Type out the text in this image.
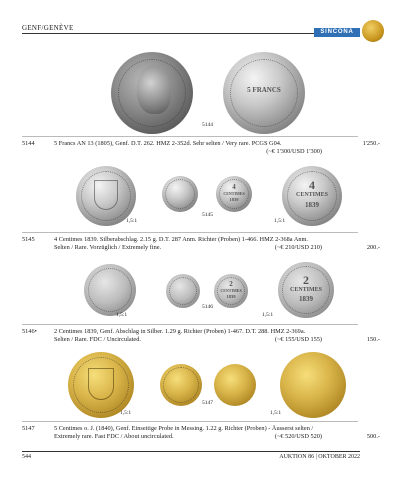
GENF/GENÈVE	SINCONA
5 FRANCS
5144
5144	5 Francs AN 13 (1805), Genf. D.T. 262. HMZ 2-352d. Sehr selten / Very rare. PCGS G04.
(~€ 1'300/USD 1'300)
1'250.-
4
CENTIMES
1839
4
CENTIMES
1839
1,5:1
5145
1,5:1
5145	4 Centimes 1839. Silberabschlag. 2.15 g. D.T. 287 Anm. Richter (Proben) 1-466. HMZ 2-368a Anm. Selten / Rare. Vorzüglich / Extremely fine.	(~€ 210/USD 210)	200.-
2
CENTIMES
1839
2
CENTIMES
1839
1,5:1
5146
1,5:1
5146•	2 Centimes 1839, Genf. Abschlag in Silber. 1.29 g. Richter (Proben) 1-467. D.T. 288. HMZ 2-369a. Selten / Rare. FDC / Uncirculated.	(~€ 155/USD 155)	150.-
1,5:1
5147
1,5:1
5147	5 Centimes o. J. (1840), Genf. Einseitige Probe in Messing. 1.22 g. Richter (Proben) - Äusserst selten / Extremely rare. Fast FDC / About uncirculated.	(~€ 520/USD 520)	500.-
544	AUKTION 86 | OKTOBER 2022
